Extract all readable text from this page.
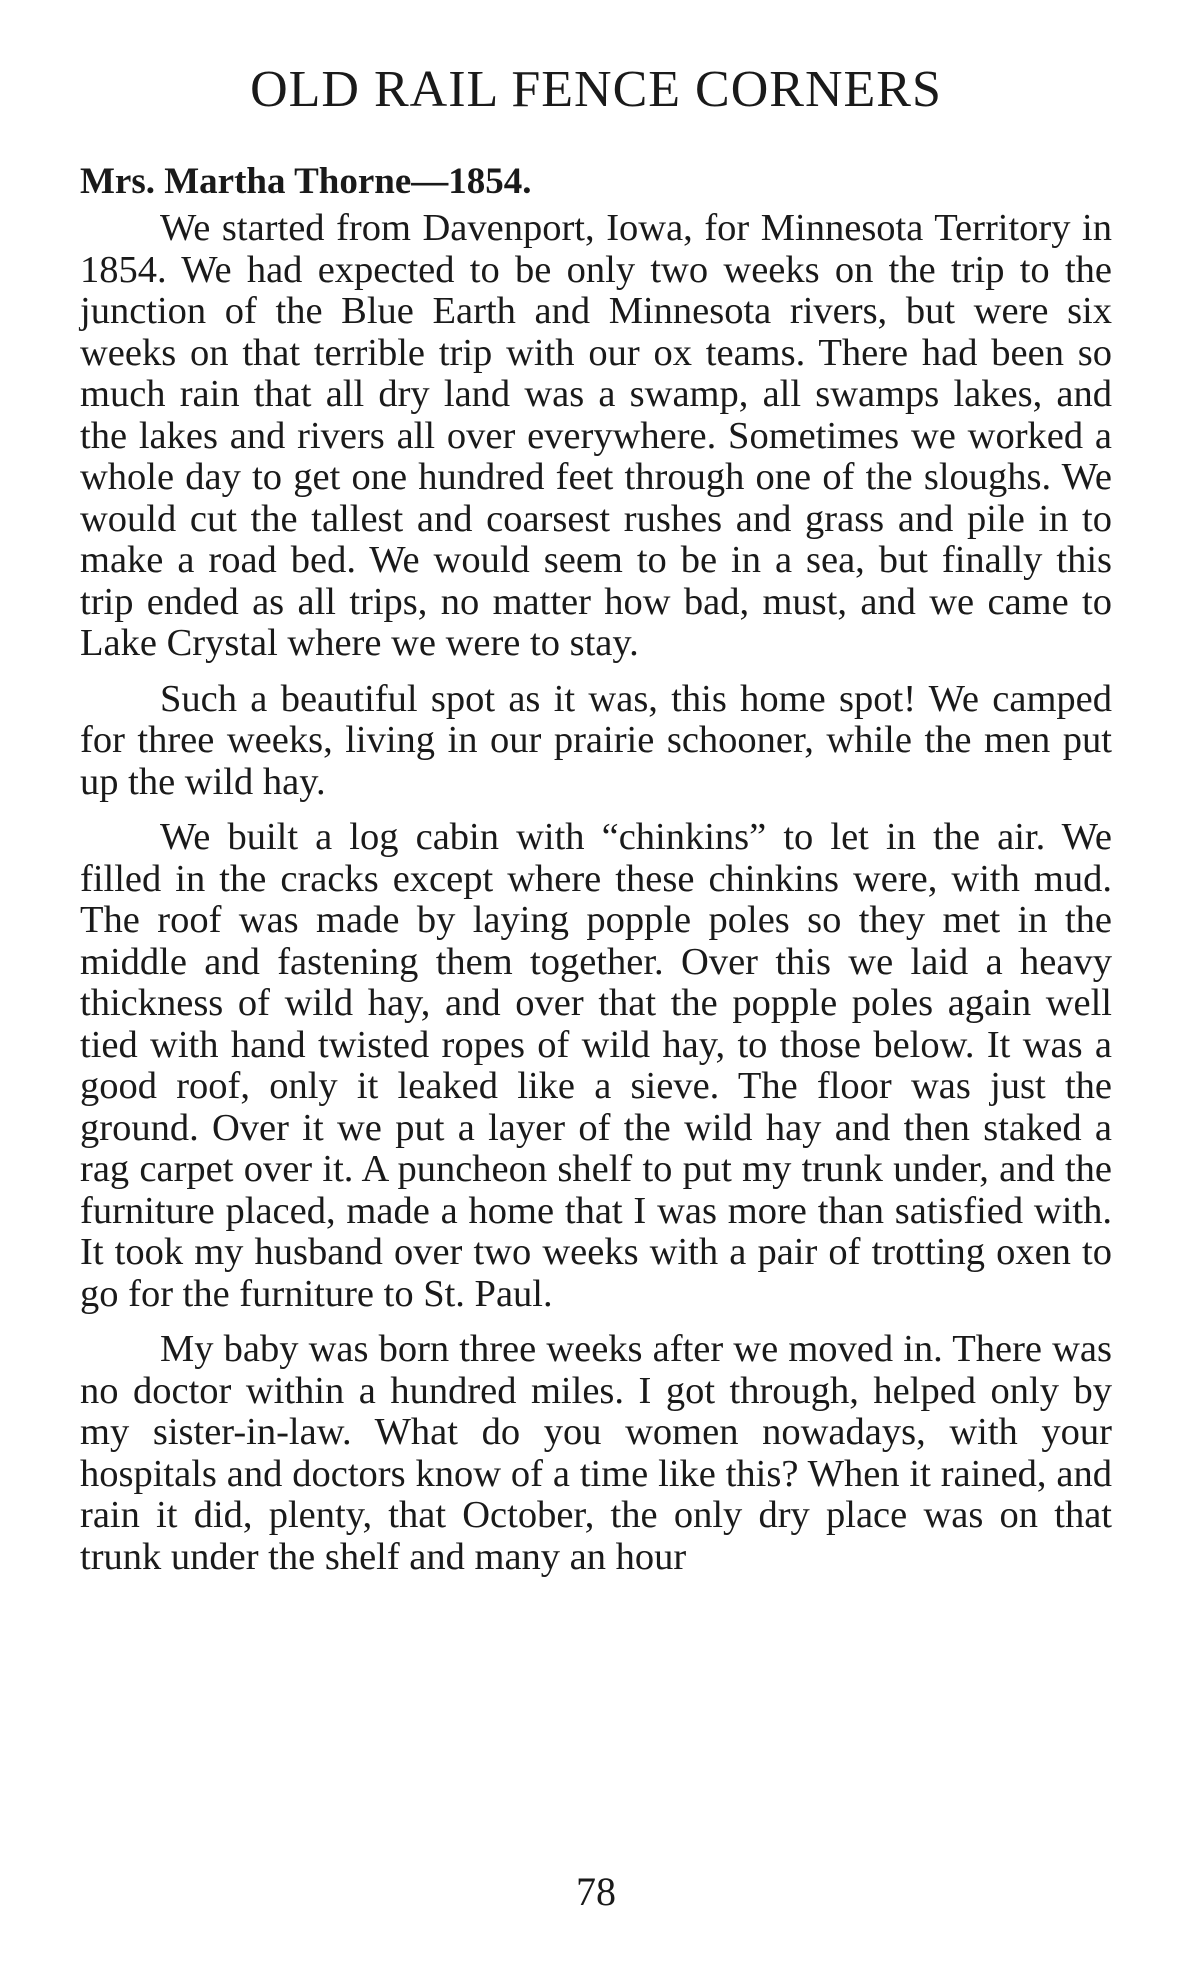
OLD RAIL FENCE CORNERS
Mrs. Martha Thorne—1854.

We started from Davenport, Iowa, for Minnesota Territory in 1854. We had expected to be only two weeks on the trip to the junction of the Blue Earth and Minnesota rivers, but were six weeks on that terrible trip with our ox teams. There had been so much rain that all dry land was a swamp, all swamps lakes, and the lakes and rivers all over everywhere. Sometimes we worked a whole day to get one hundred feet through one of the sloughs. We would cut the tallest and coarsest rushes and grass and pile in to make a road bed. We would seem to be in a sea, but finally this trip ended as all trips, no matter how bad, must, and we came to Lake Crystal where we were to stay.

Such a beautiful spot as it was, this home spot! We camped for three weeks, living in our prairie schooner, while the men put up the wild hay.

We built a log cabin with “chinkins” to let in the air. We filled in the cracks except where these chinkins were, with mud. The roof was made by laying popple poles so they met in the middle and fastening them together. Over this we laid a heavy thickness of wild hay, and over that the popple poles again well tied with hand twisted ropes of wild hay, to those below. It was a good roof, only it leaked like a sieve. The floor was just the ground. Over it we put a layer of the wild hay and then staked a rag carpet over it. A puncheon shelf to put my trunk under, and the furniture placed, made a home that I was more than satisfied with. It took my husband over two weeks with a pair of trotting oxen to go for the furniture to St. Paul.

My baby was born three weeks after we moved in. There was no doctor within a hundred miles. I got through, helped only by my sister-in-law. What do you women nowadays, with your hospitals and doctors know of a time like this? When it rained, and rain it did, plenty, that October, the only dry place was on that trunk under the shelf and many an hour

78
